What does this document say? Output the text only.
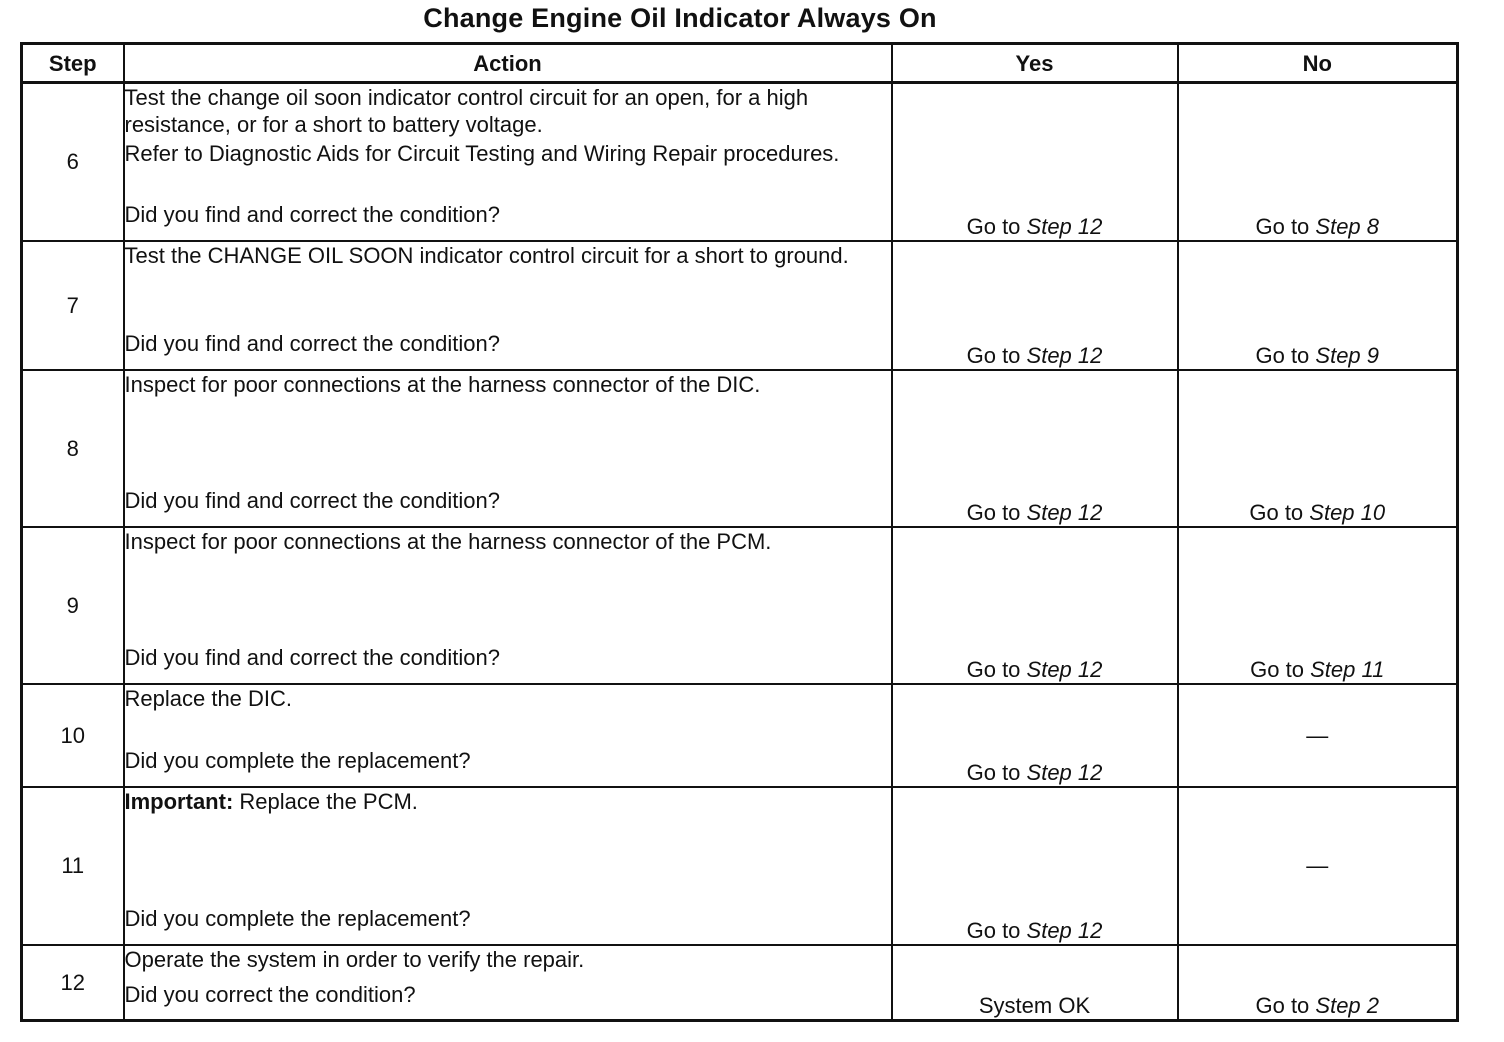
Change Engine Oil Indicator Always On
Step	Action	Yes	No
6	Test the change oil soon indicator control circuit for an open, for a high resistance, or for a short to battery voltage.

Refer to Diagnostic Aids for Circuit Testing and Wiring Repair procedures.

Did you find and correct the condition?	Go to Step 12	Go to Step 8
7	Test the CHANGE OIL SOON indicator control circuit for a short to ground.

Did you find and correct the condition?	Go to Step 12	Go to Step 9
8	Inspect for poor connections at the harness connector of the DIC.

Did you find and correct the condition?	Go to Step 12	Go to Step 10
9	Inspect for poor connections at the harness connector of the PCM.

Did you find and correct the condition?	Go to Step 12	Go to Step 11
10	Replace the DIC.

Did you complete the replacement?	Go to Step 12	—
11	Important: Replace the PCM.

Did you complete the replacement?	Go to Step 12	—
12	Operate the system in order to verify the repair.

Did you correct the condition?	System OK	Go to Step 2
